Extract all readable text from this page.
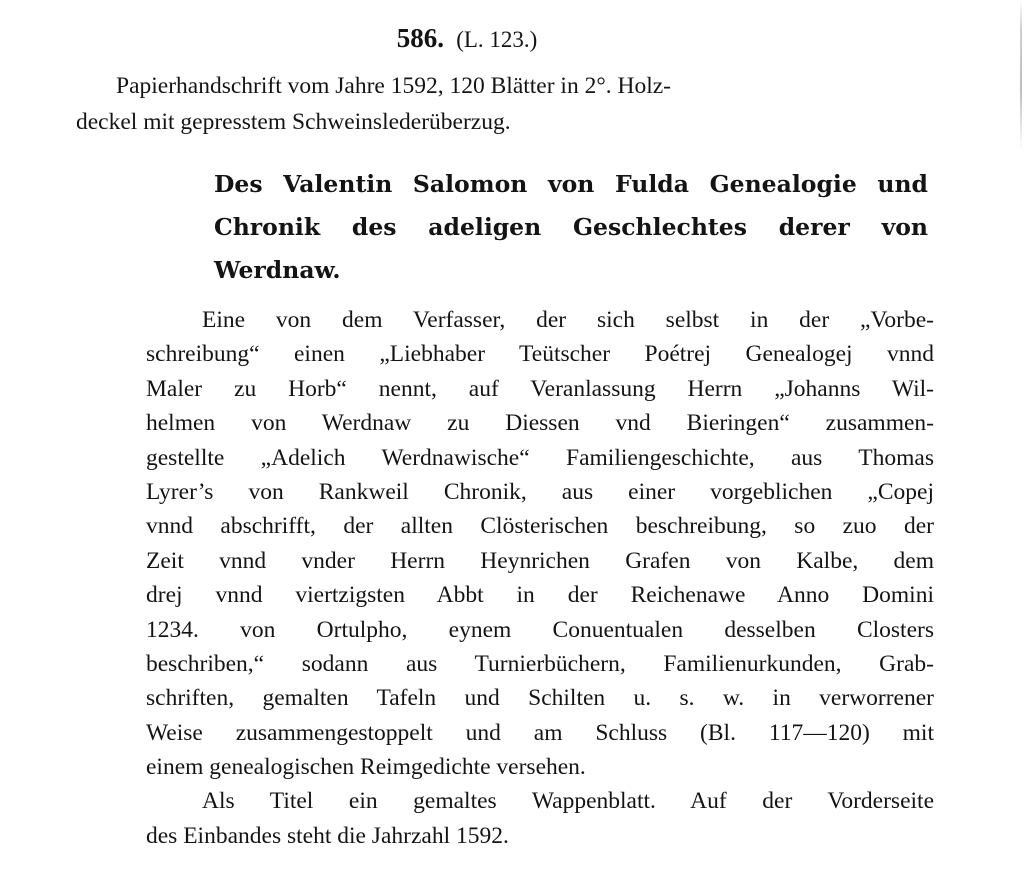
586. (L. 123.)
Papierhandschrift vom Jahre 1592, 120 Blätter in 2°. Holz-
deckel mit gepresstem Schweinslederüberzug.
Des Valentin Salomon von Fulda Genealogie und
Chronik des adeligen Geschlechtes derer von
Werdnaw.
Eine von dem Verfasser, der sich selbst in der „Vorbe-
schreibung“ einen „Liebhaber Teütscher Poétrej Genealogej vnnd
Maler zu Horb“ nennt, auf Veranlassung Herrn „Johanns Wil-
helmen von Werdnaw zu Diessen vnd Bieringen“ zusammen-
gestellte „Adelich Werdnawische“ Familiengeschichte, aus Thomas
Lyrer’s von Rankweil Chronik, aus einer vorgeblichen „Copej
vnnd abschrifft, der allten Clösterischen beschreibung, so zuo der
Zeit vnnd vnder Herrn Heynrichen Grafen von Kalbe, dem
drej vnnd viertzigsten Abbt in der Reichenawe Anno Domini
1234. von Ortulpho, eynem Conuentualen desselben Closters
beschriben,“ sodann aus Turnierbüchern, Familienurkunden, Grab-
schriften, gemalten Tafeln und Schilten u. s. w. in verworrener
Weise zusammengestoppelt und am Schluss (Bl. 117—120) mit
einem genealogischen Reimgedichte versehen.
Als Titel ein gemaltes Wappenblatt. Auf der Vorderseite
des Einbandes steht die Jahrzahl 1592.
